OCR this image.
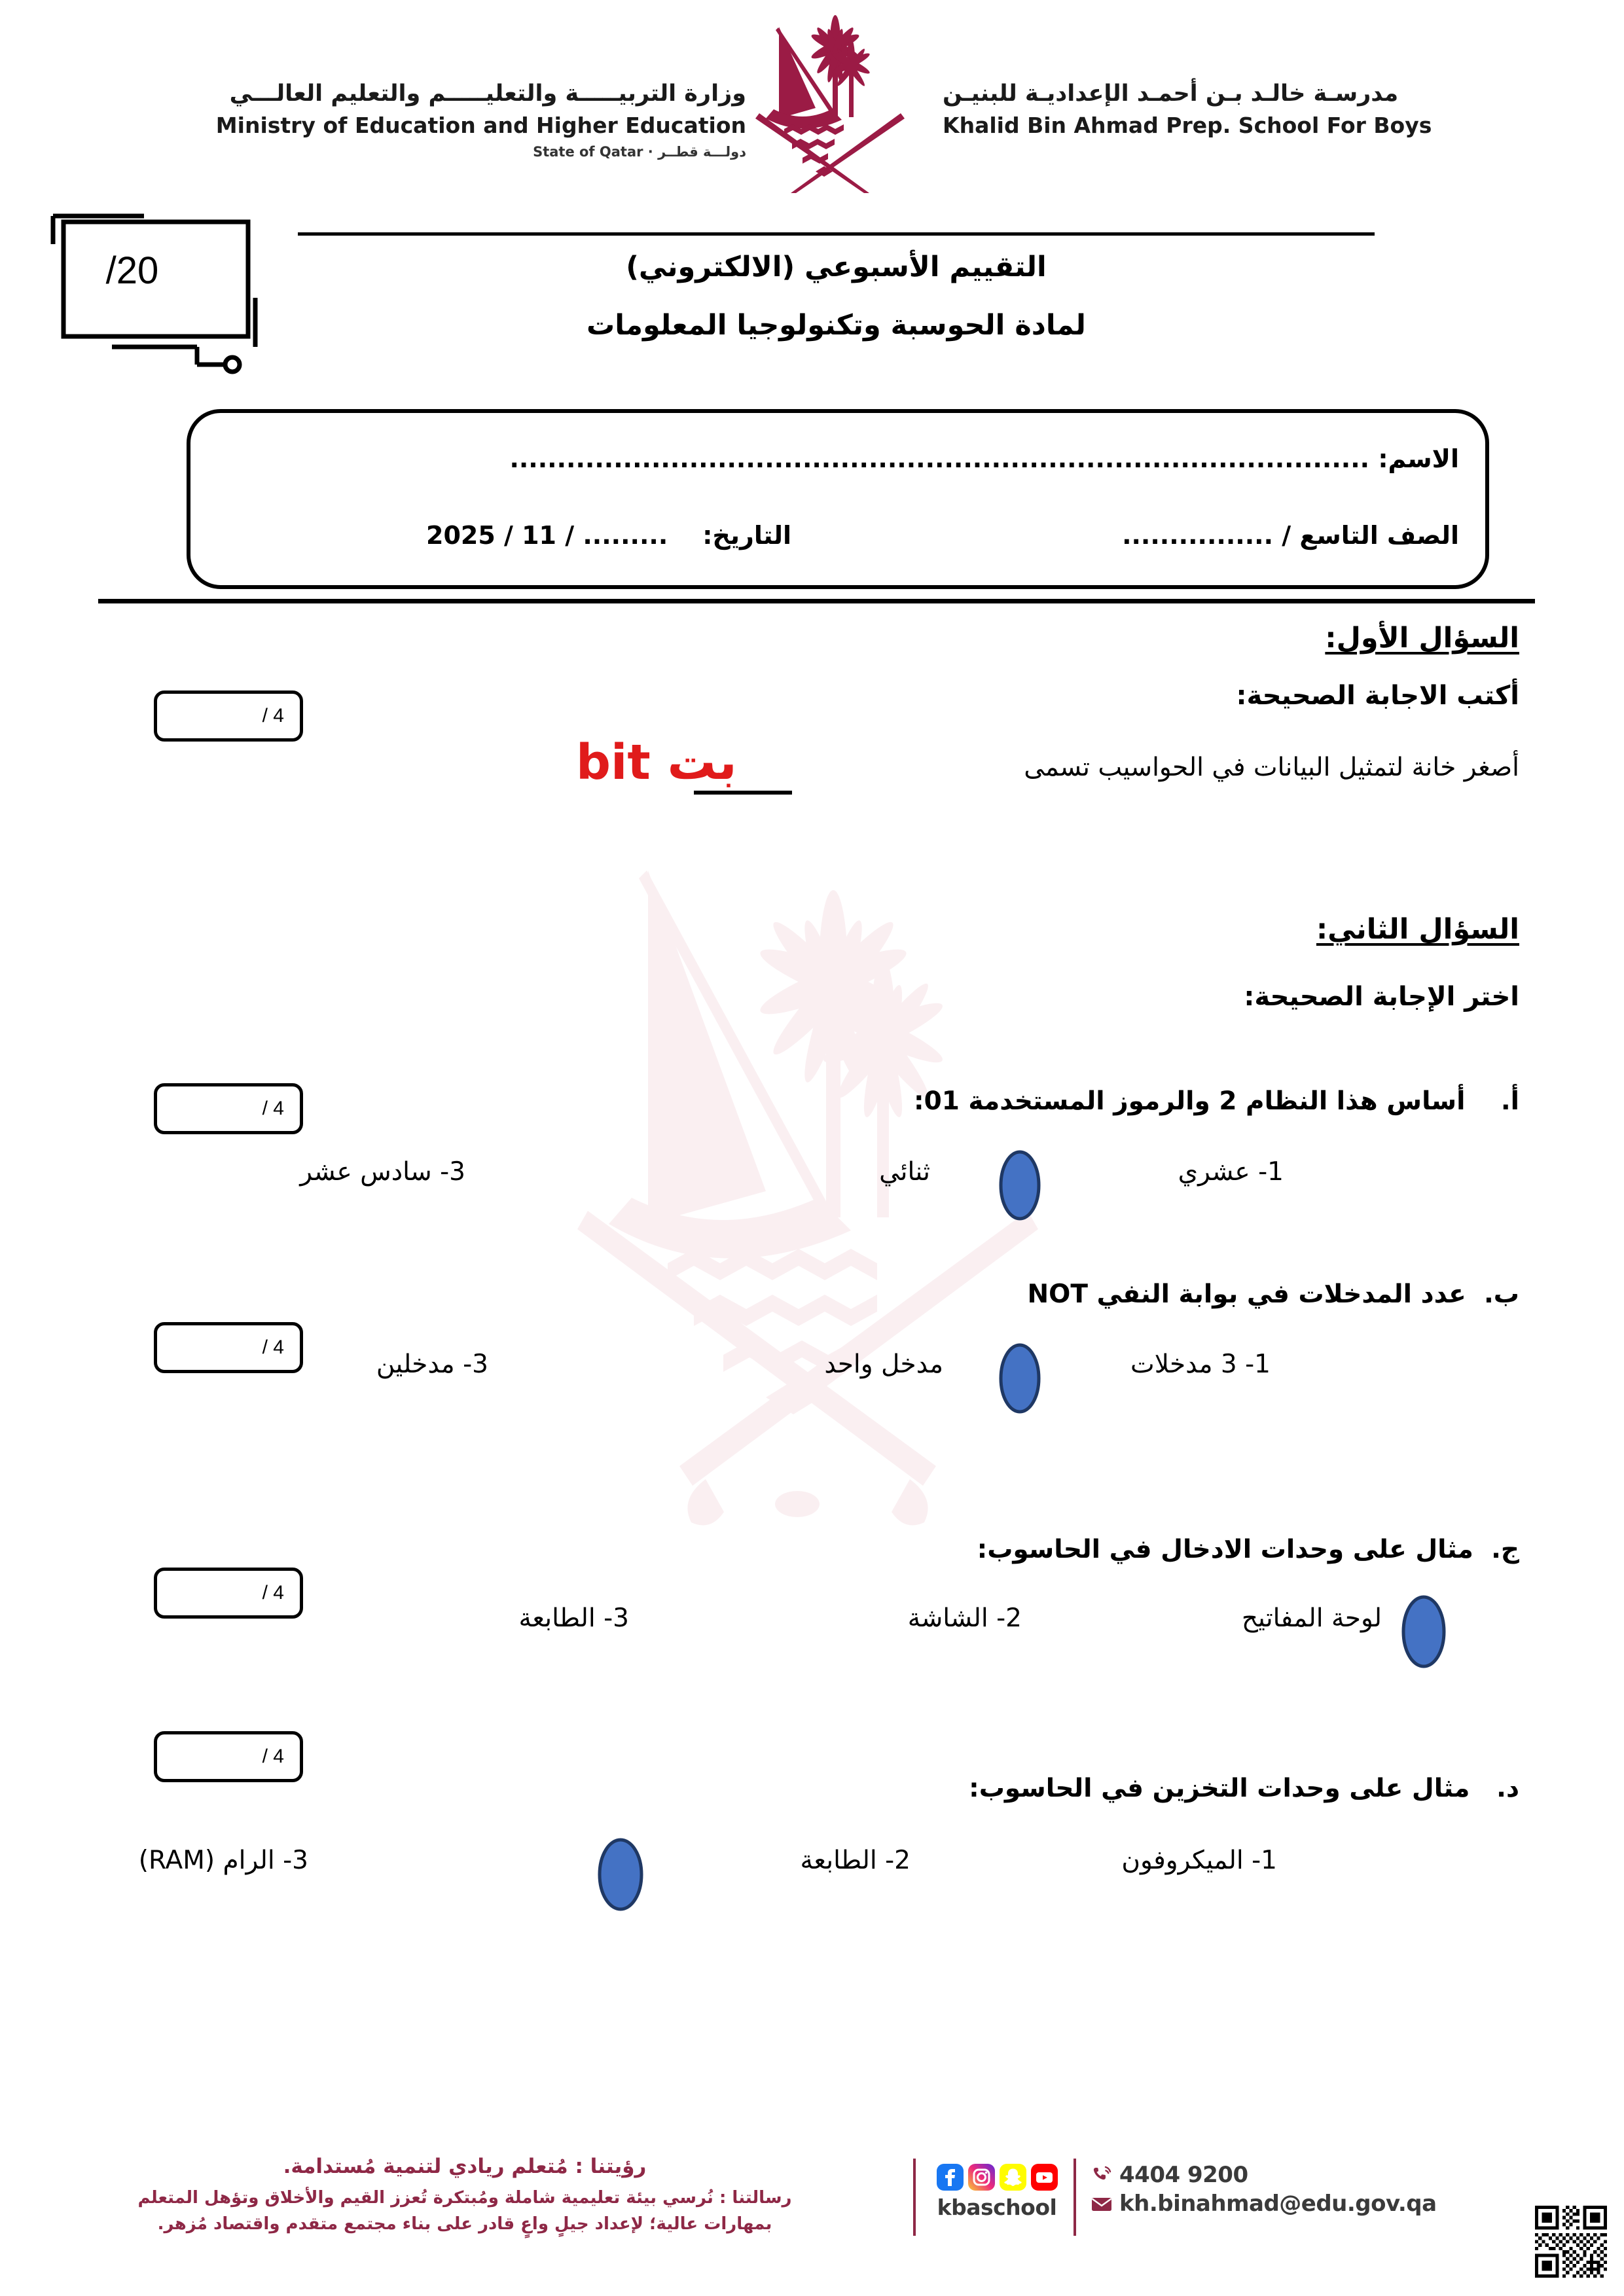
وزارة التربيـــــة والتعليـــــم والتعليم العالـــي
Ministry of Education and Higher Education
دولـــة قطــر · State of Qatar
مدرسـة خالـد بـن أحمـد الإعداديـة للبنيـن
Khalid Bin Ahmad Prep. School For Boys
/20	التقييم الأسبوعي (الالكتروني)
لمادة الحوسبة وتكنولوجيا المعلومات
الاسم: ...........................................................................................
الصف التاسع / ................
التاريخ:    ......... / 11 / 2025
السؤال الأول:
أكتب الاجابة الصحيحة:
أصغر خانة لتمثيل البيانات في الحواسيب تسمى
بت bit
/ 4
السؤال الثاني:
اختر الإجابة الصحيحة:
أ.    أساس هذا النظام 2 والرموز المستخدمة 01:
/ 4
1- عشري
ثنائي
3- سادس عشر
ب.  عدد المدخلات في بوابة النفي NOT
/ 4
1- 3 مدخلات
مدخل واحد
3- مدخلين
ج.  مثال على وحدات الادخال في الحاسوب:
/ 4
لوحة المفاتيح
2- الشاشة
3- الطابعة
د.   مثال على وحدات التخزين في الحاسوب:
/ 4
1- الميكروفون
2- الطابعة
3- الرام (RAM)
رؤيتنا : مُتعلم ريادي لتنمية مُستدامة.
رسالتنا : نُرسي بيئة تعليمية شاملة ومُبتكرة تُعزز القيم والأخلاق وتؤهل المتعلم
بمهارات عالية؛ لإعداد جيلٍ واعٍ قادر على بناء مجتمع متقدم واقتصاد مُزهر.
kbaschool
4404 9200
kh.binahmad@edu.gov.qa
